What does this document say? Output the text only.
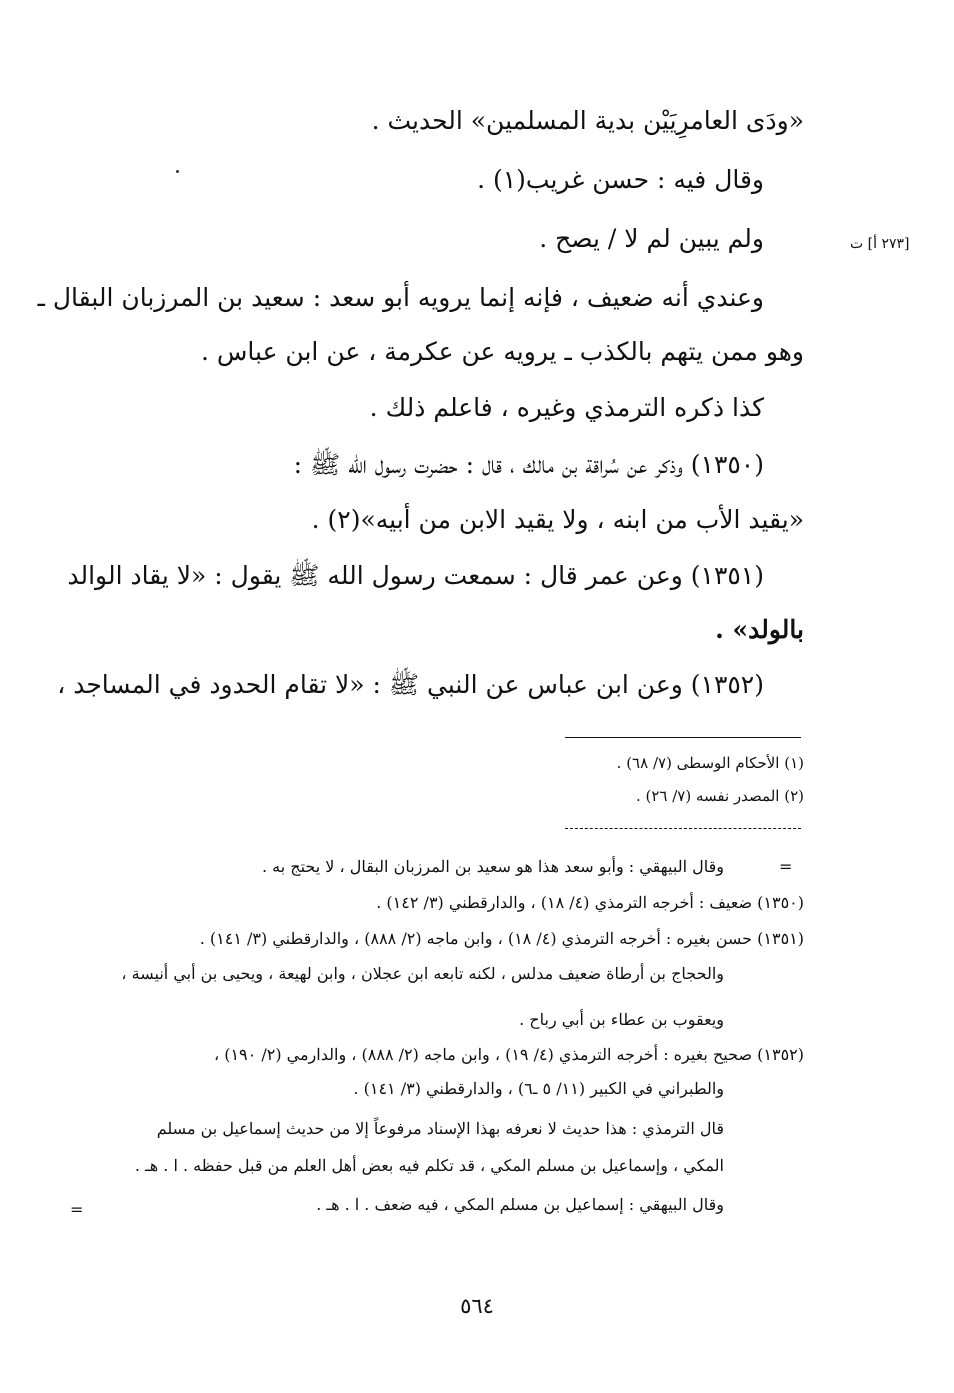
«ودَى العامرِيَيْن بدية المسلمين» الحديث .
وقال فيه : حسن غريب(١) .
ولم يبين لم لا / يصح .	[٢٧٣ أ] ت
وعندي أنه ضعيف ، فإنه إنما يرويه أبو سعد : سعيد بن المرزبان البقال ـ
وهو ممن يتهم بالكذب ـ يرويه عن عكرمة ، عن ابن عباس .
كذا ذكره الترمذي وغيره ، فاعلم ذلك .
(١٣٥٠) وذكر عن سُراقة بن مالك ، قال : حضرت رسول الله ﷺ :
«يقيد الأب من ابنه ، ولا يقيد الابن من أبيه»(٢) .
(١٣٥١) وعن عمر قال : سمعت رسول الله ﷺ يقول : «لا يقاد الوالد
بالولد» .
(١٣٥٢) وعن ابن عباس عن النبي ﷺ : «لا تقام الحدود في المساجد ،
(١) الأحكام الوسطى (٧/ ٦٨) .
(٢) المصدر نفسه (٧/ ٢٦) .
=
وقال البيهقي : وأبو سعد هذا هو سعيد بن المرزبان البقال ، لا يحتج به .
(١٣٥٠) ضعيف : أخرجه الترمذي (٤/ ١٨) ، والدارقطني (٣/ ١٤٢) .
(١٣٥١) حسن بغيره : أخرجه الترمذي (٤/ ١٨) ، وابن ماجه (٢/ ٨٨٨) ، والدارقطني (٣/ ١٤١) .
والحجاج بن أرطاة ضعيف مدلس ، لكنه تابعه ابن عجلان ، وابن لهيعة ، ويحيى بن أبي أنيسة ،
ويعقوب بن عطاء بن أبي رباح .
(١٣٥٢) صحيح بغيره : أخرجه الترمذي (٤/ ١٩) ، وابن ماجه (٢/ ٨٨٨) ، والدارمي (٢/ ١٩٠) ،
والطبراني في الكبير (١١/ ٥ ـ٦) ، والدارقطني (٣/ ١٤١) .
قال الترمذي : هذا حديث لا نعرفه بهذا الإسناد مرفوعاً إلا من حديث إسماعيل بن مسلم
المكي ، وإسماعيل بن مسلم المكي ، قد تكلم فيه بعض أهل العلم من قبل حفظه . ا . هـ .
وقال البيهقي : إسماعيل بن مسلم المكي ، فيه ضعف . ا . هـ .
=
٥٦٤
